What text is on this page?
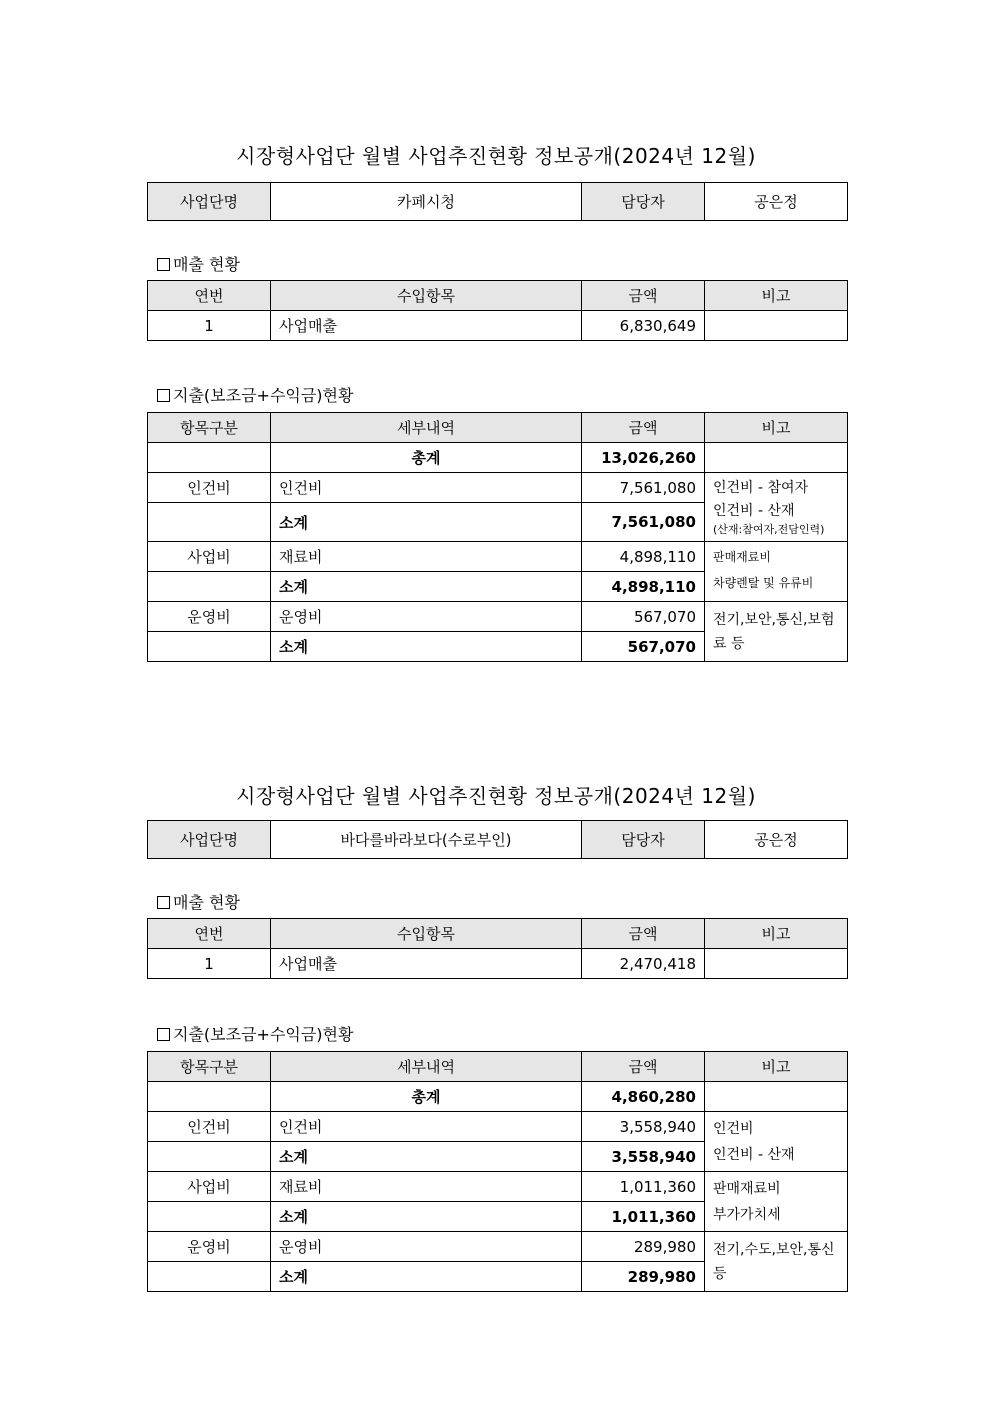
시장형사업단 월별 사업추진현황 정보공개(2024년 12월)
사업단명	카페시청	담당자	공은정
매출 현황
연번	수입항목	금액	비고
1	사업매출	6,830,649	
지출(보조금+수익금)현황
항목구분	세부내역	금액	비고
	총계	13,026,260	
인건비	인건비	7,561,080	인건비 - 참여자
인건비 - 산재
(산재:참여자,전담인력)

	소계	7,561,080	
사업비	재료비	4,898,110	판매재료비
차량렌탈 및 유류비

	소계	4,898,110	
운영비	운영비	567,070	전기,보안,통신,보험료 등

	소계	567,070	
시장형사업단 월별 사업추진현황 정보공개(2024년 12월)
사업단명	바다를바라보다(수로부인)	담당자	공은정
매출 현황
연번	수입항목	금액	비고
1	사업매출	2,470,418	
지출(보조금+수익금)현황
항목구분	세부내역	금액	비고
	총계	4,860,280	
인건비	인건비	3,558,940	인건비
인건비 - 산재

	소계	3,558,940	
사업비	재료비	1,011,360	판매재료비
부가가치세

	소계	1,011,360	
운영비	운영비	289,980	전기,수도,보안,통신 등

	소계	289,980	
